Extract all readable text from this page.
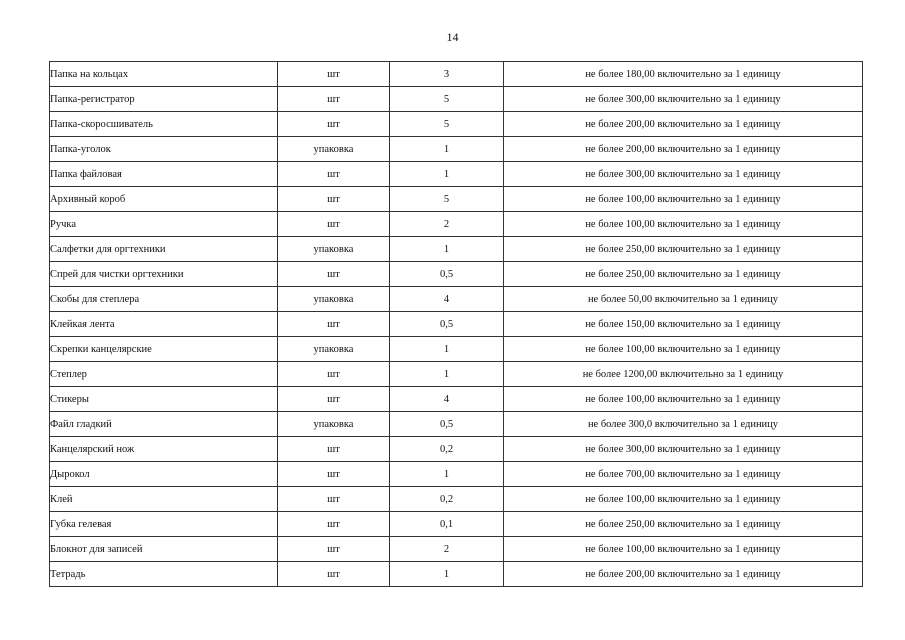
14
Папка на кольцах	шт	3	не более 180,00 включительно за 1 единицу
Папка-регистратор	шт	5	не более 300,00 включительно за 1 единицу
Папка-скоросшиватель	шт	5	не более 200,00 включительно за 1 единицу
Папка-уголок	упаковка	1	не более 200,00 включительно за 1 единицу
Папка файловая	шт	1	не более 300,00 включительно за 1 единицу
Архивный короб	шт	5	не более 100,00 включительно за 1 единицу
Ручка	шт	2	не более 100,00 включительно за 1 единицу
Салфетки для оргтехники	упаковка	1	не более 250,00 включительно за 1 единицу
Спрей для чистки оргтехники	шт	0,5	не более 250,00 включительно за 1 единицу
Скобы для степлера	упаковка	4	не более 50,00 включительно за 1 единицу
Клейкая лента	шт	0,5	не более 150,00 включительно за 1 единицу
Скрепки канцелярские	упаковка	1	не более 100,00 включительно за 1 единицу
Степлер	шт	1	не более 1200,00 включительно за 1 единицу
Стикеры	шт	4	не более 100,00 включительно за 1 единицу
Файл гладкий	упаковка	0,5	не более 300,0 включительно за 1 единицу
Канцелярский нож	шт	0,2	не более 300,00 включительно за 1 единицу
Дырокол	шт	1	не более 700,00 включительно за 1 единицу
Клей	шт	0,2	не более 100,00 включительно за 1 единицу
Губка гелевая	шт	0,1	не более 250,00 включительно за 1 единицу
Блокнот для записей	шт	2	не более 100,00 включительно за 1 единицу
Тетрадь	шт	1	не более 200,00 включительно за 1 единицу
